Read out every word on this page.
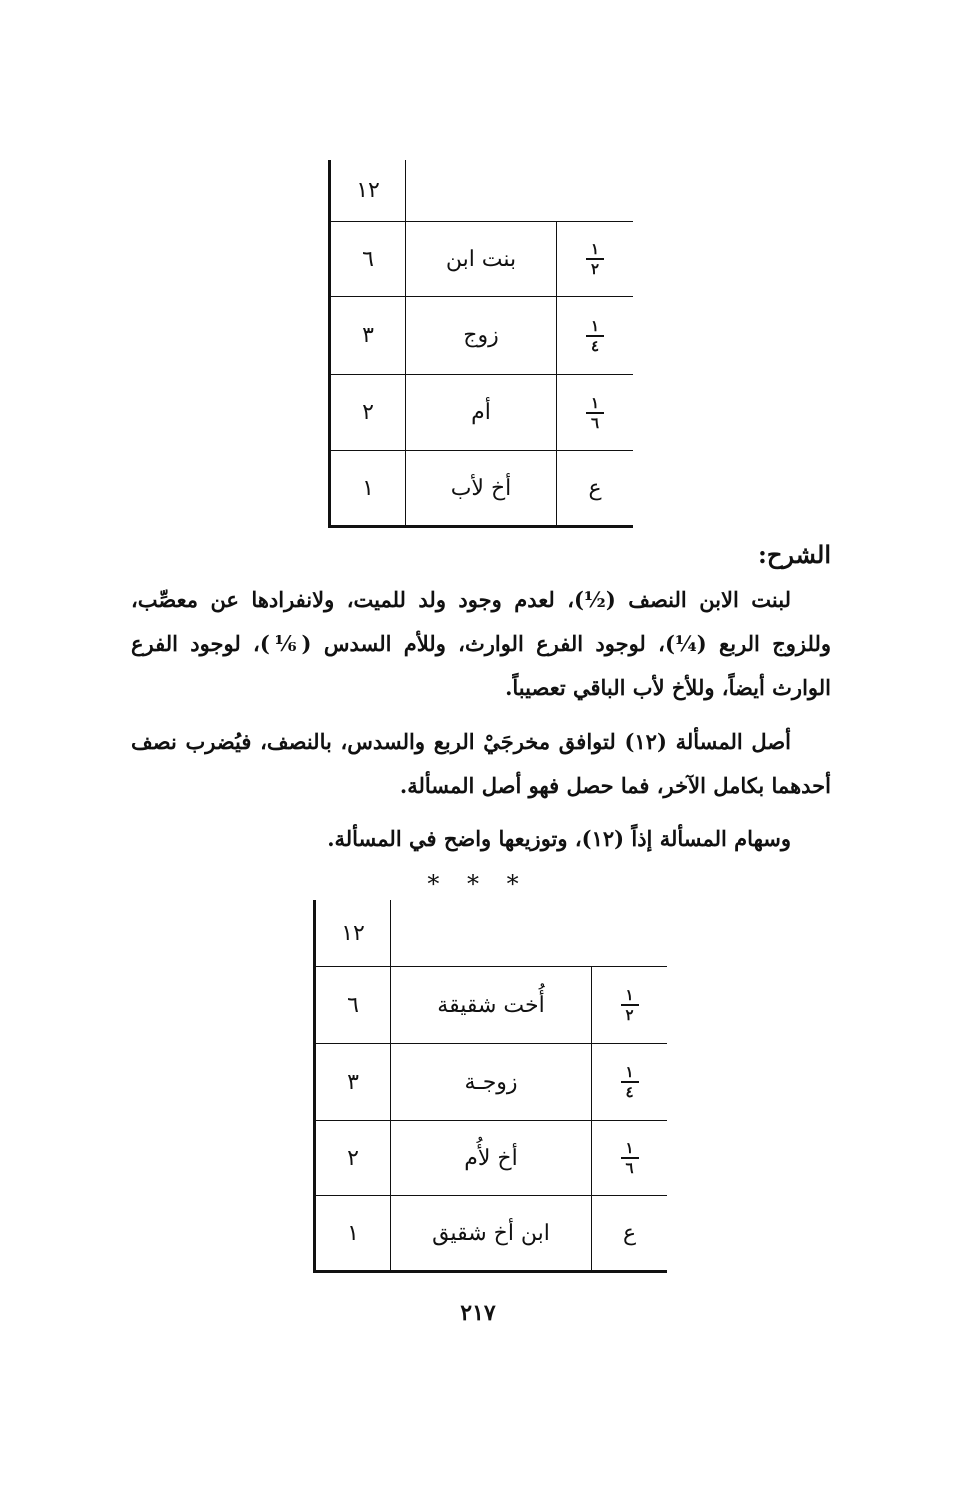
١٢
٦	بنت ابن	$\frac{١}{٢}$
٣	زوج	$\frac{١}{٤}$
٢	أم	$\frac{١}{٦}$
١	أخ لأب	ع
الشرح:
لبنت الابن النصف (½)، لعدم وجود ولد للميت، ولانفرادها عن معصِّب، وللزوج الربع (¼)، لوجود الفرع الوارث، وللأم السدس (⅙)، لوجود الفرع الوارث أيضاً، وللأخ لأب الباقي تعصيباً.
أصل المسألة (١٢) لتوافق مخرجَيْ الربع والسدس، بالنصف، فيُضرب نصف أحدهما بكامل الآخر، فما حصل فهو أصل المسألة.
وسهام المسألة إذاً (١٢)، وتوزيعها واضح في المسألة.
* * *
١٢
٦	أُخت شقيقة	$\frac{١}{٢}$
٣	زوجـة	$\frac{١}{٤}$
٢	أخ لأُم	$\frac{١}{٦}$
١	ابن أخ شقيق	ع
٢١٧
